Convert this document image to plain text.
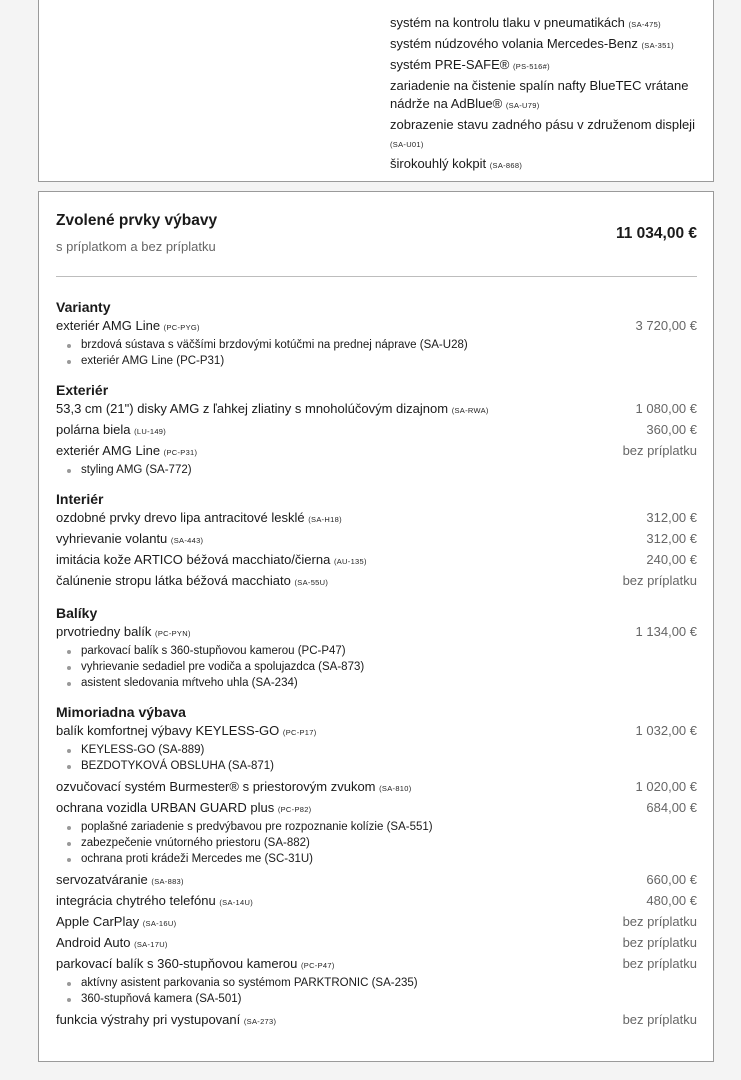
systém na kontrolu tlaku v pneumatikách (SA-475)
systém núdzového volania Mercedes-Benz (SA-351)
systém PRE-SAFE® (PS-516#)
zariadenie na čistenie spalín nafty BlueTEC vrátane nádrže na AdBlue® (SA-U79)
zobrazenie stavu zadného pásu v združenom displeji (SA-U01)
širokouhlý kokpit (SA-868)
Zvolené prvky výbavy
s príplatkom a bez príplatku
11 034,00 €
Varianty
exteriér AMG Line (PC-PYG)	3 720,00 €
brzdová sústava s väčšími brzdovými kotúčmi na prednej náprave (SA-U28)
exteriér AMG Line (PC-P31)
Exteriér
53,3 cm (21") disky AMG z ľahkej zliatiny s mnoholúčovým dizajnom (SA-RWA)	1 080,00 €
polárna biela (LU-149)	360,00 €
exteriér AMG Line (PC-P31)	bez príplatku
styling AMG (SA-772)
Interiér
ozdobné prvky drevo lipa antracitové lesklé (SA-H18)	312,00 €
vyhrievanie volantu (SA-443)	312,00 €
imitácia kože ARTICO béžová macchiato/čierna (AU-135)	240,00 €
čalúnenie stropu látka béžová macchiato (SA-55U)	bez príplatku
Balíky
prvotriedny balík (PC-PYN)	1 134,00 €
parkovací balík s 360-stupňovou kamerou (PC-P47)
vyhrievanie sedadiel pre vodiča a spolujazdca (SA-873)
asistent sledovania mŕtveho uhla (SA-234)
Mimoriadna výbava
balík komfortnej výbavy KEYLESS-GO (PC-P17)	1 032,00 €
KEYLESS-GO (SA-889)
BEZDOTYKOVÁ OBSLUHA (SA-871)
ozvučovací systém Burmester® s priestorovým zvukom (SA-810)	1 020,00 €
ochrana vozidla URBAN GUARD plus (PC-P82)	684,00 €
poplašné zariadenie s predvýbavou pre rozpoznanie kolízie (SA-551)
zabezpečenie vnútorného priestoru (SA-882)
ochrana proti krádeži Mercedes me (SC-31U)
servozatváranie (SA-883)	660,00 €
integrácia chytrého telefónu (SA-14U)	480,00 €
Apple CarPlay (SA-16U)	bez príplatku
Android Auto (SA-17U)	bez príplatku
parkovací balík s 360-stupňovou kamerou (PC-P47)	bez príplatku
aktívny asistent parkovania so systémom PARKTRONIC (SA-235)
360-stupňová kamera (SA-501)
funkcia výstrahy pri vystupovaní (SA-273)	bez príplatku
